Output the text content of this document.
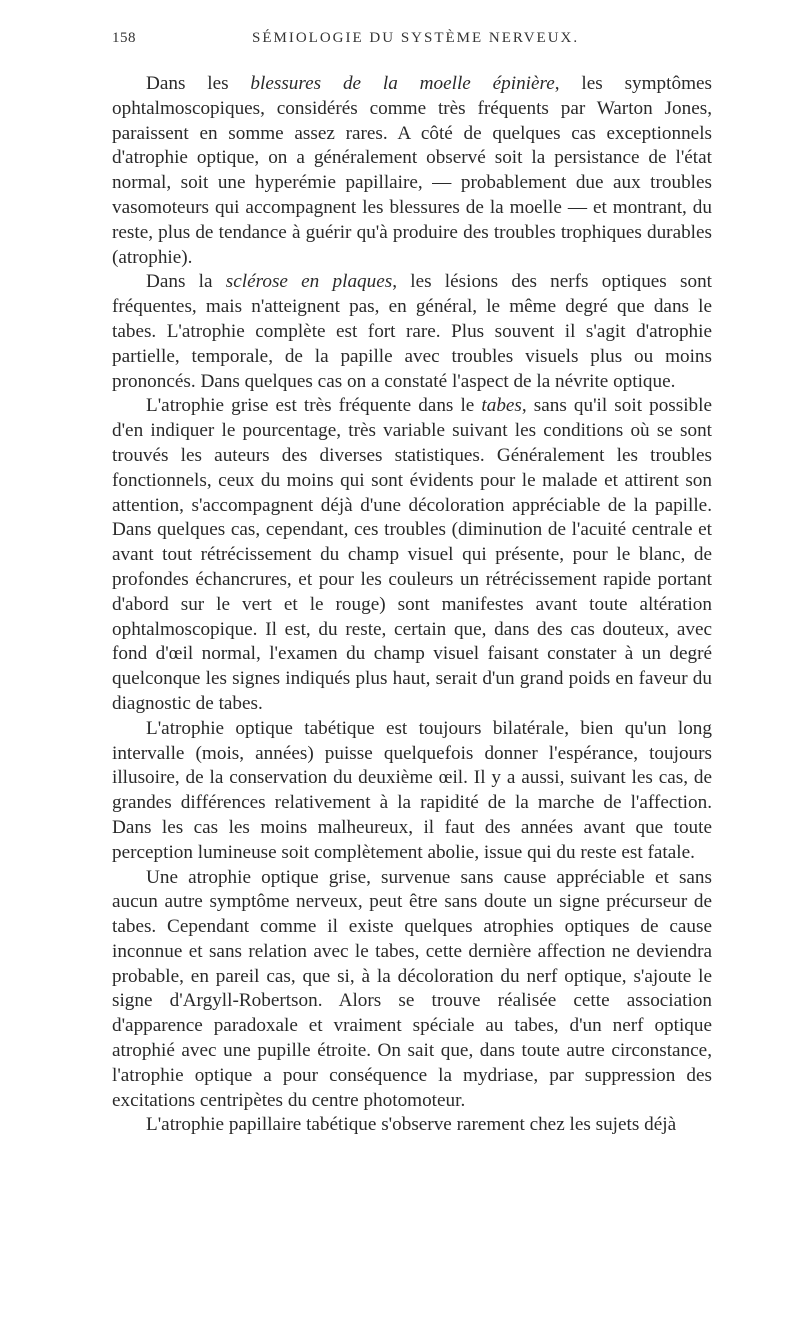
158	SÉMIOLOGIE DU SYSTÈME NERVEUX.

Dans les blessures de la moelle épinière, les symptômes ophtalmoscopiques, considérés comme très fréquents par Warton Jones, paraissent en somme assez rares. A côté de quelques cas exceptionnels d'atrophie optique, on a généralement observé soit la persistance de l'état normal, soit une hyperémie papillaire, — probablement due aux troubles vasomoteurs qui accompagnent les blessures de la moelle — et montrant, du reste, plus de tendance à guérir qu'à produire des troubles trophiques durables (atrophie).

Dans la sclérose en plaques, les lésions des nerfs optiques sont fréquentes, mais n'atteignent pas, en général, le même degré que dans le tabes. L'atrophie complète est fort rare. Plus souvent il s'agit d'atrophie partielle, temporale, de la papille avec troubles visuels plus ou moins prononcés. Dans quelques cas on a constaté l'aspect de la névrite optique.

L'atrophie grise est très fréquente dans le tabes, sans qu'il soit possible d'en indiquer le pourcentage, très variable suivant les conditions où se sont trouvés les auteurs des diverses statistiques. Généralement les troubles fonctionnels, ceux du moins qui sont évidents pour le malade et attirent son attention, s'accompagnent déjà d'une décoloration appréciable de la papille. Dans quelques cas, cependant, ces troubles (diminution de l'acuité centrale et avant tout rétrécissement du champ visuel qui présente, pour le blanc, de profondes échancrures, et pour les couleurs un rétrécissement rapide portant d'abord sur le vert et le rouge) sont manifestes avant toute altération ophtalmoscopique. Il est, du reste, certain que, dans des cas douteux, avec fond d'œil normal, l'examen du champ visuel faisant constater à un degré quelconque les signes indiqués plus haut, serait d'un grand poids en faveur du diagnostic de tabes.

L'atrophie optique tabétique est toujours bilatérale, bien qu'un long intervalle (mois, années) puisse quelquefois donner l'espérance, toujours illusoire, de la conservation du deuxième œil. Il y a aussi, suivant les cas, de grandes différences relativement à la rapidité de la marche de l'affection. Dans les cas les moins malheureux, il faut des années avant que toute perception lumineuse soit complètement abolie, issue qui du reste est fatale.

Une atrophie optique grise, survenue sans cause appréciable et sans aucun autre symptôme nerveux, peut être sans doute un signe précurseur de tabes. Cependant comme il existe quelques atrophies optiques de cause inconnue et sans relation avec le tabes, cette dernière affection ne deviendra probable, en pareil cas, que si, à la décoloration du nerf optique, s'ajoute le signe d'Argyll-Robertson. Alors se trouve réalisée cette association d'apparence paradoxale et vraiment spéciale au tabes, d'un nerf optique atrophié avec une pupille étroite. On sait que, dans toute autre circonstance, l'atrophie optique a pour conséquence la mydriase, par suppression des excitations centripètes du centre photomoteur.

L'atrophie papillaire tabétique s'observe rarement chez les sujets déjà
